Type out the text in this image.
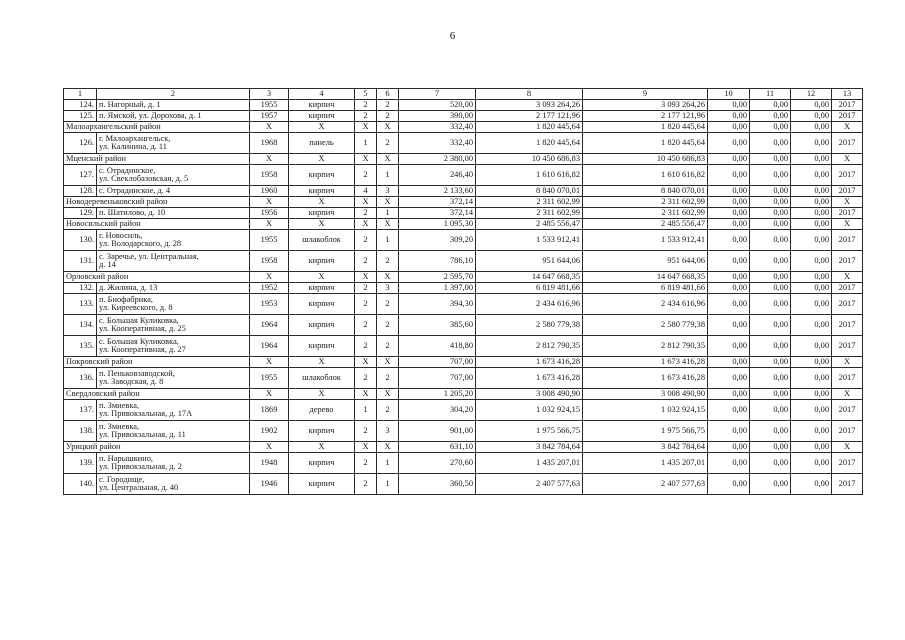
6
1	2	3	4	5	6	7	8	9	10	11	12	13
124.	п. Нагорный, д. 1	1955	кирпич	2	2	520,00	3 093 264,26	3 093 264,26	0,00	0,00	0,00	2017
125.	п. Ямской, ул. Дорохова, д. 1	1957	кирпич	2	2	390,00	2 177 121,96	2 177 121,96	0,00	0,00	0,00	2017
Малоархангельский район		X	X	X	X	332,40	1 820 445,64	1 820 445,64	0,00	0,00	0,00	X
126.	г. Малоархангельск,
ул. Калинина, д. 11	1968	панель	1	2	332,40	1 820 445,64	1 820 445,64	0,00	0,00	0,00	2017
Мценский район		X	X	X	X	2 380,00	10 450 686,83	10 450 686,83	0,00	0,00	0,00	X
127.	с. Отрадинское,
ул. Свеклобазовская, д. 5	1958	кирпич	2	1	246,40	1 610 616,82	1 610 616,82	0,00	0,00	0,00	2017
128.	с. Отрадинское, д. 4	1960	кирпич	4	3	2 133,60	8 840 070,01	8 840 070,01	0,00	0,00	0,00	2017
Новодеревеньковский район		X	X	X	X	372,14	2 311 602,99	2 311 602,99	0,00	0,00	0,00	X
129.	п. Шатилово, д. 10	1956	кирпич	2	1	372,14	2 311 602,99	2 311 602,99	0,00	0,00	0,00	2017
Новосильский район		X	X	X	X	1 095,30	2 485 556,47	2 485 556,47	0,00	0,00	0,00	X
130.	г. Новосиль,
ул. Володарского, д. 28	1955	шлакоблок	2	1	309,20	1 533 912,41	1 533 912,41	0,00	0,00	0,00	2017
131.	с. Заречье, ул. Центральная,
д. 14	1958	кирпич	2	2	786,10	951 644,06	951 644,06	0,00	0,00	0,00	2017
Орловский район		X	X	X	X	2 595,70	14 647 668,35	14 647 668,35	0,00	0,00	0,00	X
132.	д. Жилина, д. 13	1952	кирпич	2	3	1 397,00	6 819 481,66	6 819 481,66	0,00	0,00	0,00	2017
133.	п. Биофабрика,
ул. Киреевского, д. 8	1953	кирпич	2	2	394,30	2 434 616,96	2 434 616,96	0,00	0,00	0,00	2017
134.	с. Большая Куликовка,
ул. Кооперативная, д. 25	1964	кирпич	2	2	385,60	2 580 779,38	2 580 779,38	0,00	0,00	0,00	2017
135.	с. Большая Куликовка,
ул. Кооперативная, д. 27	1964	кирпич	2	2	418,80	2 812 790,35	2 812 790,35	0,00	0,00	0,00	2017
Покровский район		X	X	X	X	707,00	1 673 416,28	1 673 416,28	0,00	0,00	0,00	X
136.	п. Пеньковзаводской,
ул. Заводская, д. 8	1955	шлакоблок	2	2	707,00	1 673 416,28	1 673 416,28	0,00	0,00	0,00	2017
Свердловский район		X	X	X	X	1 205,20	3 008 490,90	3 008 490,90	0,00	0,00	0,00	X
137.	п. Змиевка,
ул. Привокзальная, д. 17А	1869	дерево	1	2	304,20	1 032 924,15	1 032 924,15	0,00	0,00	0,00	2017
138.	п. Змиевка,
ул. Привокзальная, д. 11	1902	кирпич	2	3	901,00	1 975 566,75	1 975 566,75	0,00	0,00	0,00	2017
Урицкий район		X	X	X	X	631,10	3 842 784,64	3 842 784,64	0,00	0,00	0,00	X
139.	п. Нарышкино,
ул. Привокзальная, д. 2	1948	кирпич	2	1	270,60	1 435 207,01	1 435 207,01	0,00	0,00	0,00	2017
140.	с. Городище,
ул. Центральная, д. 40	1946	кирпич	2	1	360,50	2 407 577,63	2 407 577,63	0,00	0,00	0,00	2017
